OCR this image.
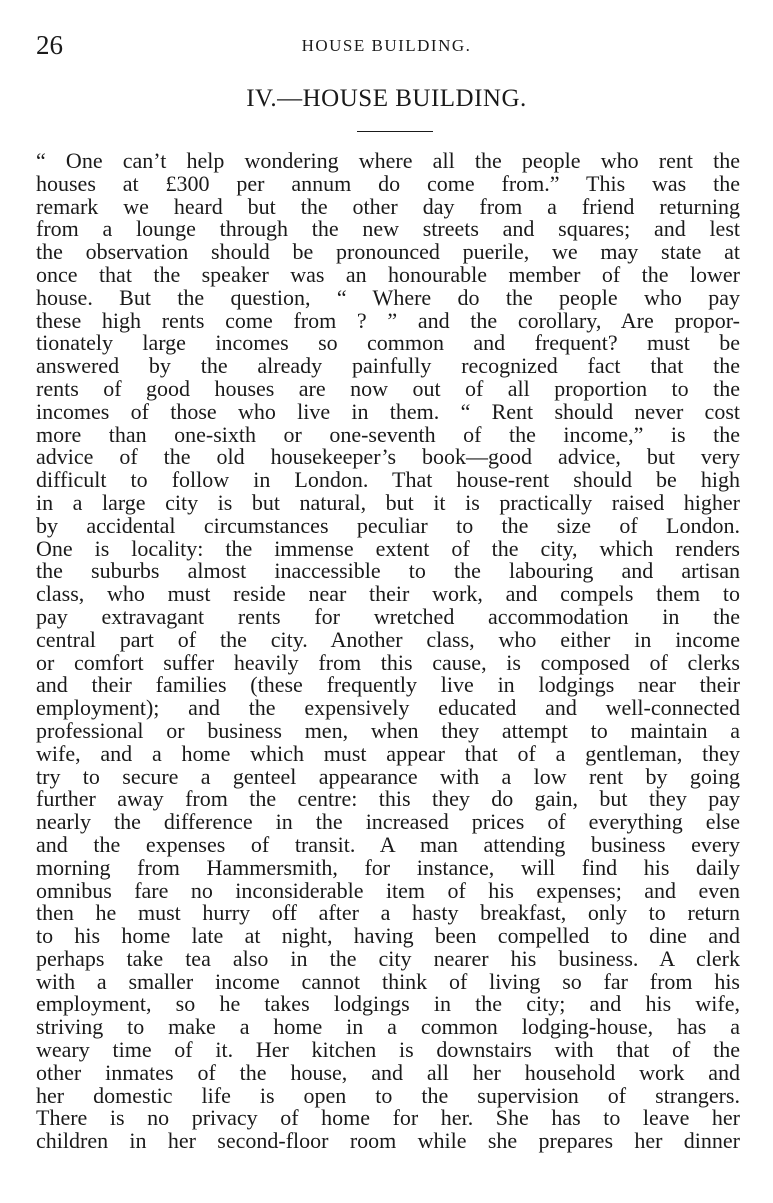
26	HOUSE BUILDING.
IV.—HOUSE BUILDING.
“ One can’t help wondering where all the people who rent the
houses at £300 per annum do come from.” This was the
remark we heard but the other day from a friend returning
from a lounge through the new streets and squares; and lest
the observation should be pronounced puerile, we may state at
once that the speaker was an honourable member of the lower
house. But the question, “ Where do the people who pay
these high rents come from ? ” and the corollary, Are propor-
tionately large incomes so common and frequent? must be
answered by the already painfully recognized fact that the
rents of good houses are now out of all proportion to the
incomes of those who live in them. “ Rent should never cost
more than one-sixth or one-seventh of the income,” is the
advice of the old housekeeper’s book—good advice, but very
difficult to follow in London. That house-rent should be high
in a large city is but natural, but it is practically raised higher
by accidental circumstances peculiar to the size of London.
One is locality: the immense extent of the city, which renders
the suburbs almost inaccessible to the labouring and artisan
class, who must reside near their work, and compels them to
pay extravagant rents for wretched accommodation in the
central part of the city. Another class, who either in income
or comfort suffer heavily from this cause, is composed of clerks
and their families (these frequently live in lodgings near their
employment); and the expensively educated and well-connected
professional or business men, when they attempt to maintain a
wife, and a home which must appear that of a gentleman, they
try to secure a genteel appearance with a low rent by going
further away from the centre: this they do gain, but they pay
nearly the difference in the increased prices of everything else
and the expenses of transit. A man attending business every
morning from Hammersmith, for instance, will find his daily
omnibus fare no inconsiderable item of his expenses; and even
then he must hurry off after a hasty breakfast, only to return
to his home late at night, having been compelled to dine and
perhaps take tea also in the city nearer his business. A clerk
with a smaller income cannot think of living so far from his
employment, so he takes lodgings in the city; and his wife,
striving to make a home in a common lodging-house, has a
weary time of it. Her kitchen is downstairs with that of the
other inmates of the house, and all her household work and
her domestic life is open to the supervision of strangers.
There is no privacy of home for her. She has to leave her
children in her second-floor room while she prepares her dinner
